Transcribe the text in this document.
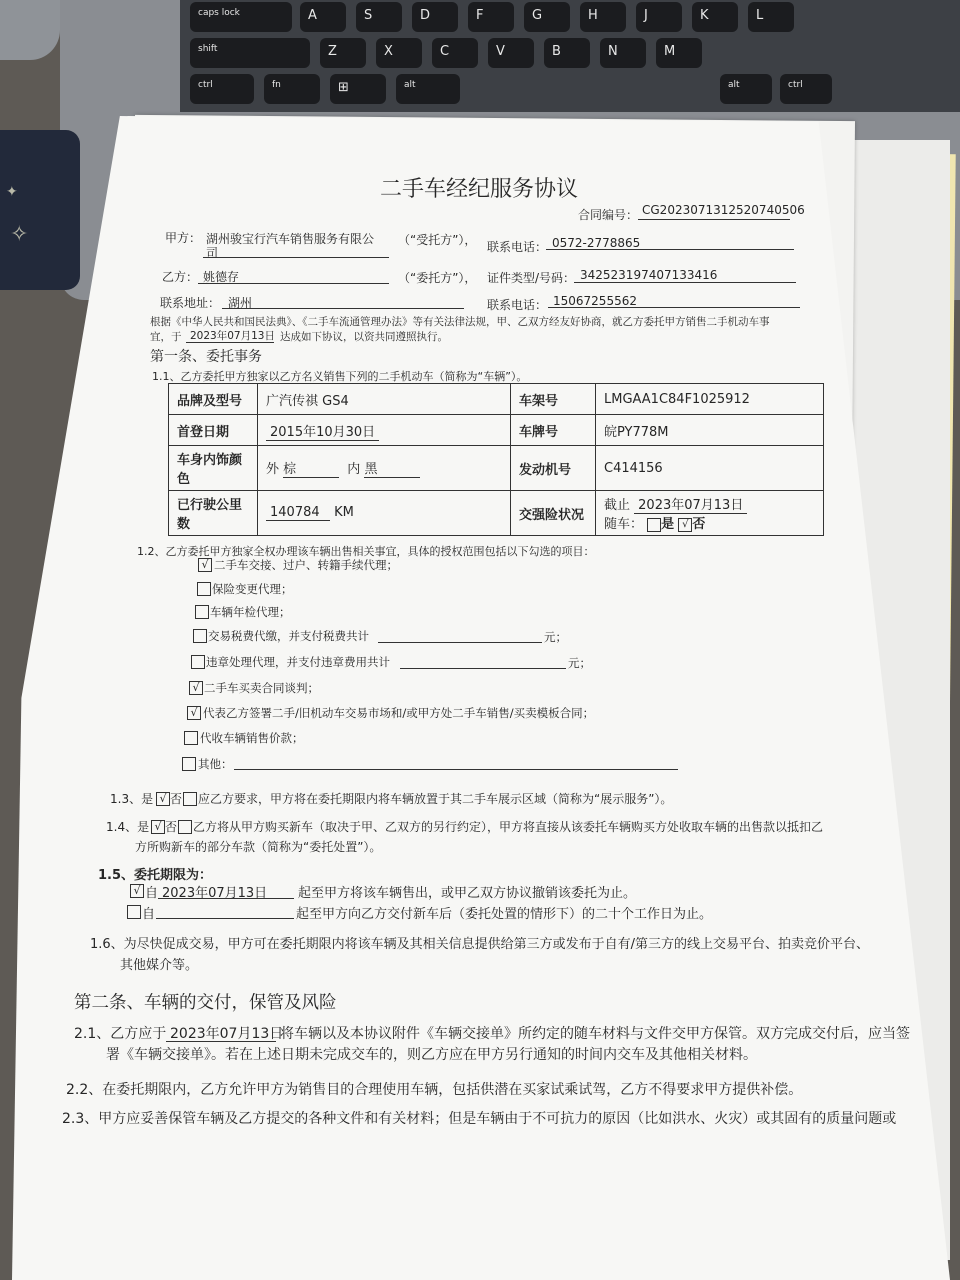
caps lock	A	S	D	F	G	H	J	K	L
shift	Z	X	C	V	B	N	M
ctrl	fn	⊞	alt	alt	ctrl
✦
✧
二手车经纪服务协议
合同编号： CG2023071312520740506
甲方： 湖州骏宝行汽车销售服务有限公
司
（“受托方”）， 联系电话： 0572-2778865
乙方： 姚德存	（“委托方”）， 证件类型/号码： 342523197407133416
联系地址： 湖州	联系电话： 15067255562
根据《中华人民共和国民法典》、《二手车流通管理办法》等有关法律法规，甲、乙双方经友好协商，就乙方委托甲方销售二手机动车事
宜，于 2023年07月13日 达成如下协议，以资共同遵照执行。
第一条、委托事务
1.1、乙方委托甲方独家以乙方名义销售下列的二手机动车（简称为“车辆”）。
品牌及型号	广汽传祺 GS4	车架号	LMGAA1C84F1025912
首登日期	2015年10月30日	车牌号	皖PY778M
车身内饰颜色	外 棕 内 黑	发动机号	C414156
已行驶公里数	140784 KM	交强险状况	截止 2023年07月13日
随车： 是 √ 否
1.2、乙方委托甲方独家全权办理该车辆出售相关事宜，具体的授权范围包括以下勾选的项目：
√ 二手车交接、过户、转籍手续代理；
保险变更代理；
车辆年检代理；
交易税费代缴，并支付税费共计	元；
违章处理代理，并支付违章费用共计	元；
√ 二手车买卖合同谈判；
√ 代表乙方签署二手/旧机动车交易市场和/或甲方处二手车销售/买卖模板合同；
代收车辆销售价款；
其他：
1.3、是 √ 否 应乙方要求，甲方将在委托期限内将车辆放置于其二手车展示区域（简称为“展示服务”）。
1.4、是 √ 否 乙方将从甲方购买新车（取决于甲、乙双方的另行约定），甲方将直接从该委托车辆购买方处收取车辆的出售款以抵扣乙
方所购新车的部分车款（简称为“委托处置”）。
1.5、委托期限为：
√ 自 2023年07月13日 起至甲方将该车辆售出，或甲乙双方协议撤销该委托为止。
自	起至甲方向乙方交付新车后（委托处置的情形下）的二十个工作日为止。
1.6、为尽快促成交易，甲方可在委托期限内将该车辆及其相关信息提供给第三方或发布于自有/第三方的线上交易平台、拍卖竞价平台、
其他媒介等。
第二条、车辆的交付，保管及风险
2.1、乙方应于 2023年07月13日
将车辆以及本协议附件《车辆交接单》所约定的随车材料与文件交甲方保管。双方完成交付后，应当签
署《车辆交接单》。若在上述日期未完成交车的，则乙方应在甲方另行通知的时间内交车及其他相关材料。
2.2、在委托期限内，乙方允许甲方为销售目的合理使用车辆，包括供潜在买家试乘试驾，乙方不得要求甲方提供补偿。
2.3、甲方应妥善保管车辆及乙方提交的各种文件和有关材料；但是车辆由于不可抗力的原因（比如洪水、火灾）或其固有的质量问题或
